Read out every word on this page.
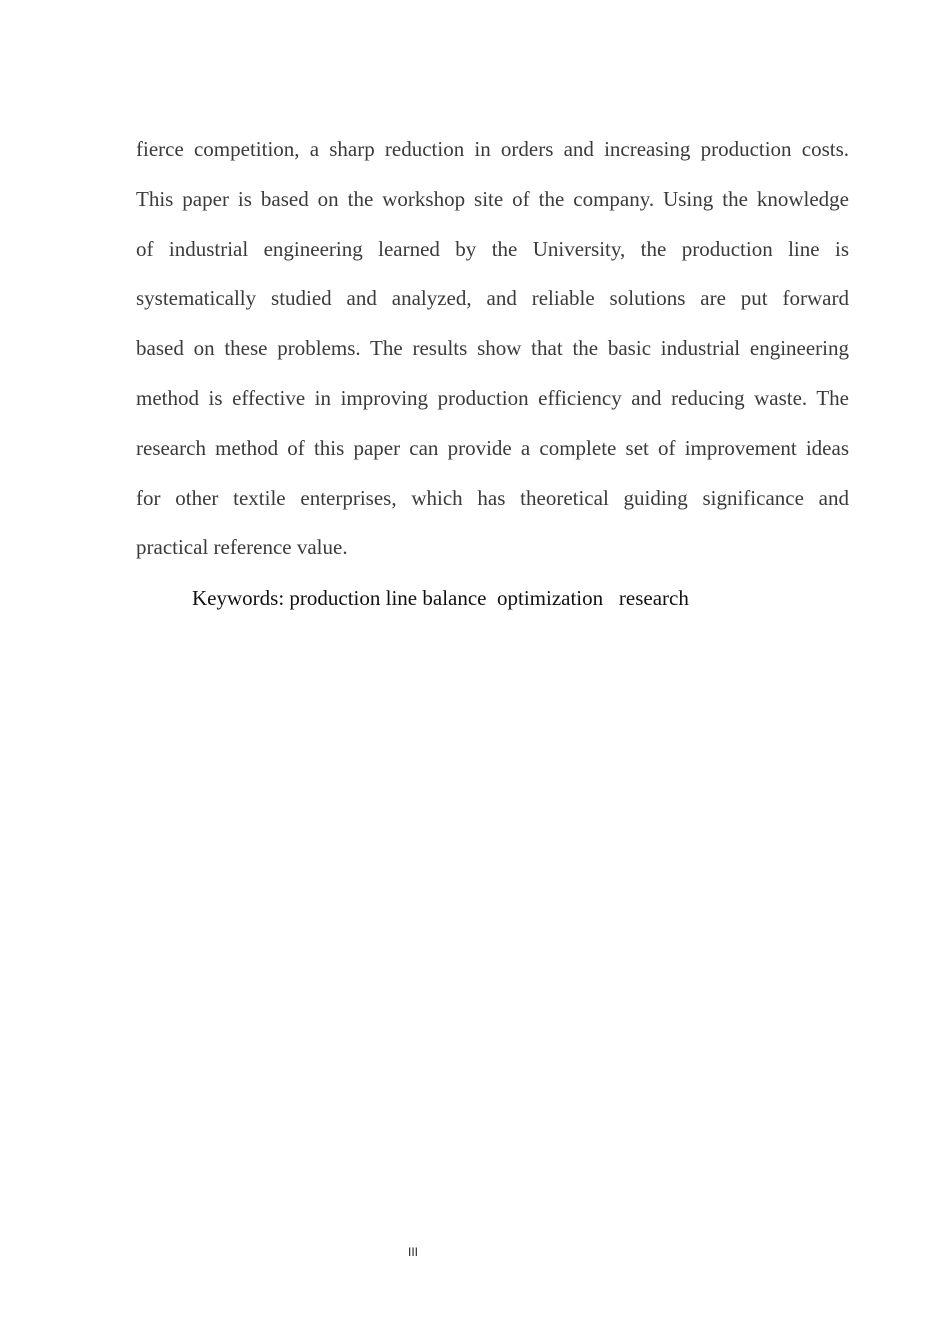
fierce competition, a sharp reduction in orders and increasing production costs.
This paper is based on the workshop site of the company. Using the knowledge
of industrial engineering learned by the University, the production line is
systematically studied and analyzed, and reliable solutions are put forward
based on these problems. The results show that the basic industrial engineering
method is effective in improving production efficiency and reducing waste. The
research method of this paper can provide a complete set of improvement ideas
for other textile enterprises, which has theoretical guiding significance and
practical reference value.

Keywords: production line balance  optimization   research

III
